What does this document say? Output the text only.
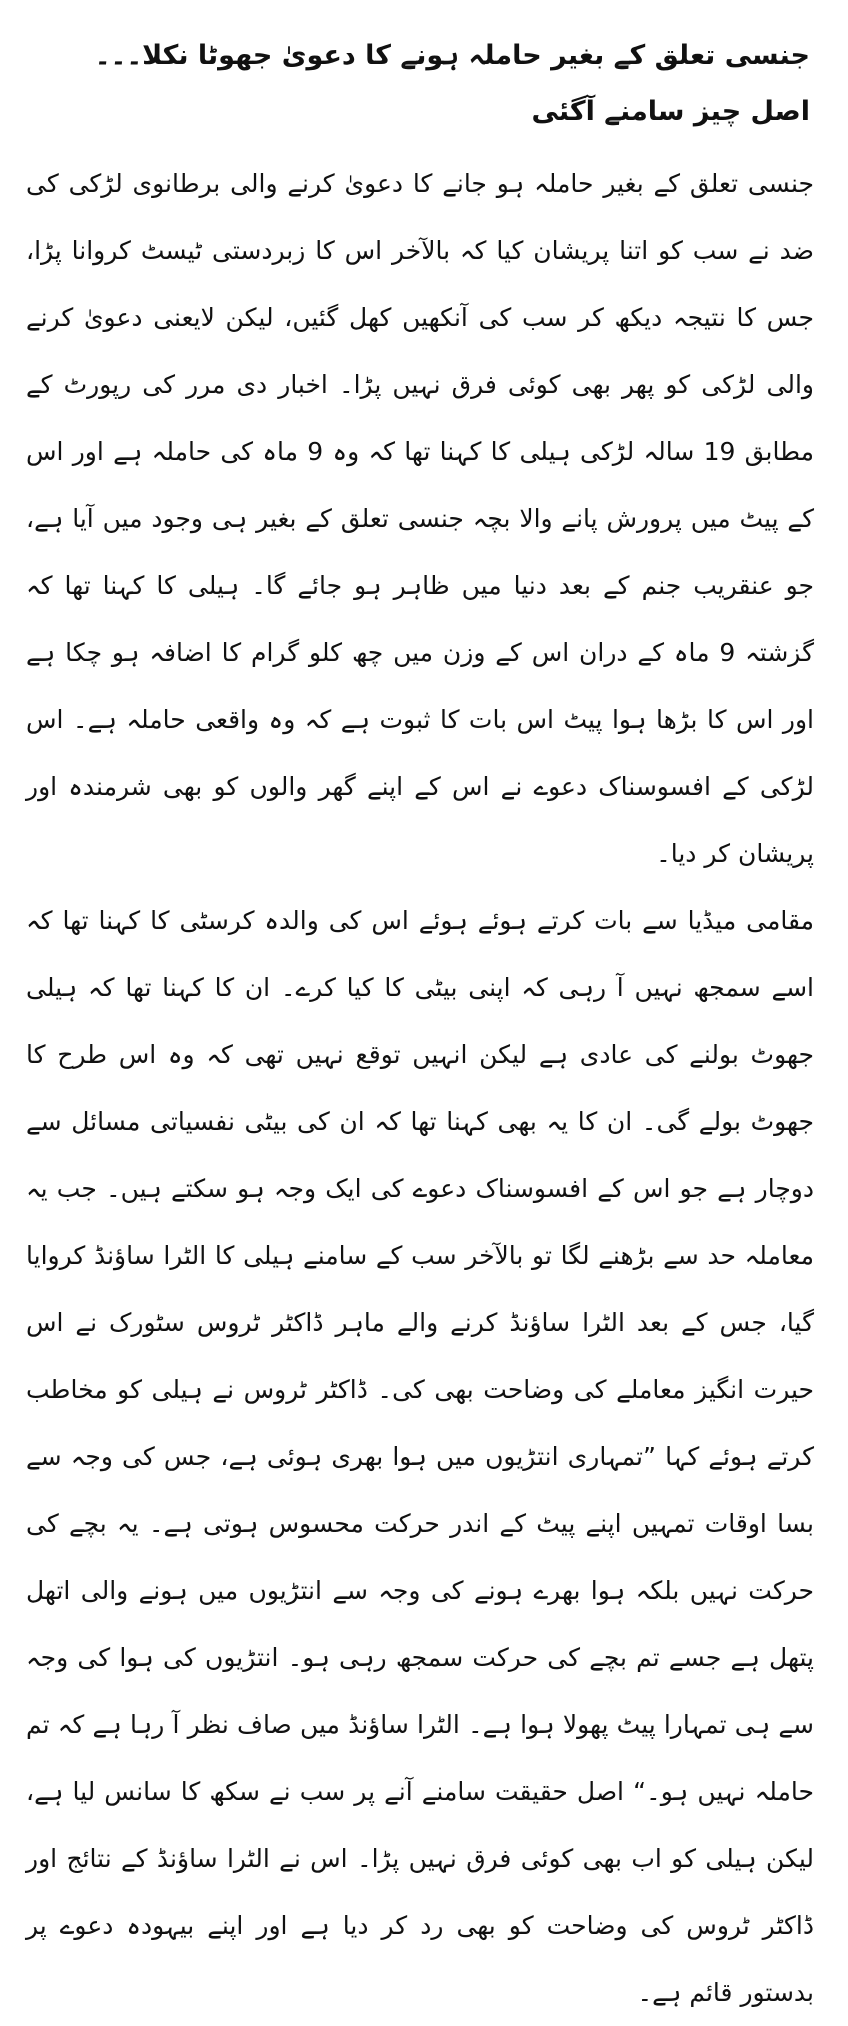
جنسی تعلق کے بغیر حاملہ ہونے کا دعویٰ جھوٹا نکلا۔۔۔ اصل چیز سامنے آگئی

جنسی تعلق کے بغیر حاملہ ہو جانے کا دعویٰ کرنے والی برطانوی لڑکی کی ضد نے سب کو اتنا پریشان کیا کہ بالآخر اس کا زبردستی ٹیسٹ کروانا پڑا، جس کا نتیجہ دیکھ کر سب کی آنکھیں کھل گئیں، لیکن لایعنی دعویٰ کرنے والی لڑکی کو پھر بھی کوئی فرق نہیں پڑا۔ اخبار دی مرر کی رپورٹ کے مطابق 19 سالہ لڑکی ہیلی کا کہنا تھا کہ وہ 9 ماہ کی حاملہ ہے اور اس کے پیٹ میں پرورش پانے والا بچہ جنسی تعلق کے بغیر ہی وجود میں آیا ہے، جو عنقریب جنم کے بعد دنیا میں ظاہر ہو جائے گا۔ ہیلی کا کہنا تھا کہ گزشتہ 9 ماہ کے دران اس کے وزن میں چھ کلو گرام کا اضافہ ہو چکا ہے اور اس کا بڑھا ہوا پیٹ اس بات کا ثبوت ہے کہ وہ واقعی حاملہ ہے۔ اس لڑکی کے افسوسناک دعوے نے اس کے اپنے گھر والوں کو بھی شرمندہ اور پریشان کر دیا۔

مقامی میڈیا سے بات کرتے ہوئے ہوئے اس کی والدہ کرسٹی کا کہنا تھا کہ اسے سمجھ نہیں آ رہی کہ اپنی بیٹی کا کیا کرے۔ ان کا کہنا تھا کہ ہیلی جھوٹ بولنے کی عادی ہے لیکن انہیں توقع نہیں تھی کہ وہ اس طرح کا جھوٹ بولے گی۔ ان کا یہ بھی کہنا تھا کہ ان کی بیٹی نفسیاتی مسائل سے دوچار ہے جو اس کے افسوسناک دعوے کی ایک وجہ ہو سکتے ہیں۔ جب یہ معاملہ حد سے بڑھنے لگا تو بالآخر سب کے سامنے ہیلی کا الٹرا ساؤنڈ کروایا گیا، جس کے بعد الٹرا ساؤنڈ کرنے والے ماہر ڈاکٹر ٹروس سٹورک نے اس حیرت انگیز معاملے کی وضاحت بھی کی۔ ڈاکٹر ٹروس نے ہیلی کو مخاطب کرتے ہوئے کہا ”تمہاری انتڑیوں میں ہوا بھری ہوئی ہے، جس کی وجہ سے بسا اوقات تمہیں اپنے پیٹ کے اندر حرکت محسوس ہوتی ہے۔ یہ بچے کی حرکت نہیں بلکہ ہوا بھرے ہونے کی وجہ سے انتڑیوں میں ہونے والی اتھل پتھل ہے جسے تم بچے کی حرکت سمجھ رہی ہو۔ انتڑیوں کی ہوا کی وجہ سے ہی تمہارا پیٹ پھولا ہوا ہے۔ الٹرا ساؤنڈ میں صاف نظر آ رہا ہے کہ تم حاملہ نہیں ہو۔“ اصل حقیقت سامنے آنے پر سب نے سکھ کا سانس لیا ہے، لیکن ہیلی کو اب بھی کوئی فرق نہیں پڑا۔ اس نے الٹرا ساؤنڈ کے نتائج اور ڈاکٹر ٹروس کی وضاحت کو بھی رد کر دیا ہے اور اپنے بیہودہ دعوے پر بدستور قائم ہے۔
